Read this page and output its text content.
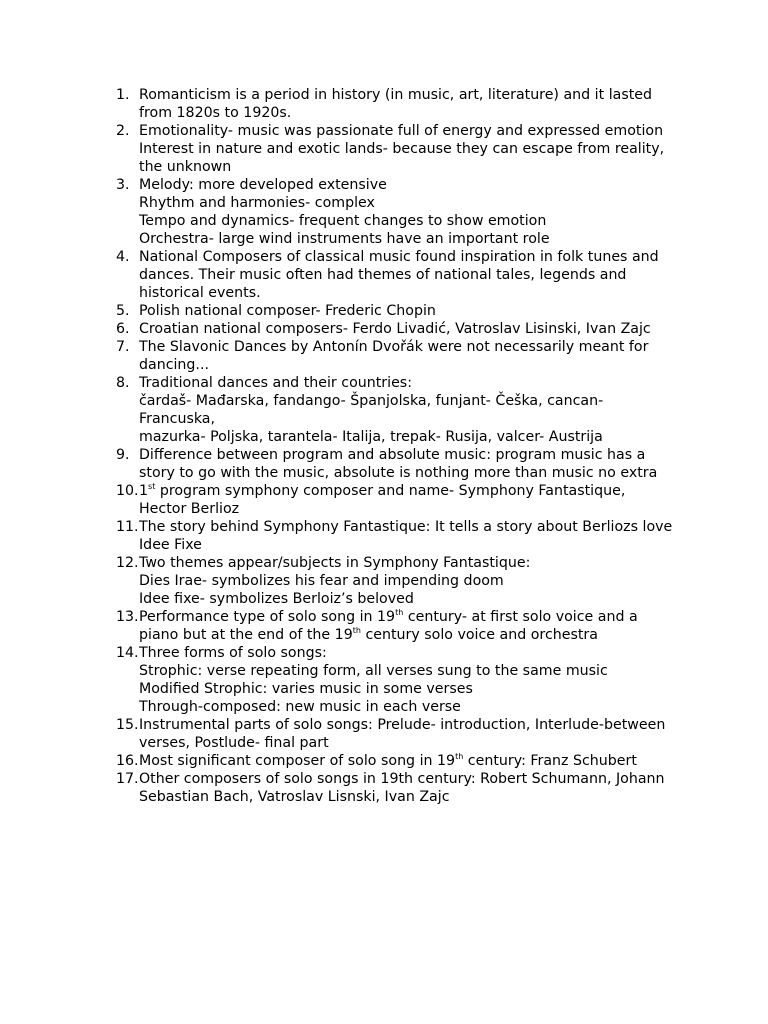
1. Romanticism is a period in history (in music, art, literature) and it lasted
from 1820s to 1920s.
2. Emotionality- music was passionate full of energy and expressed emotion
Interest in nature and exotic lands- because they can escape from reality,
the unknown
3. Melody: more developed extensive
Rhythm and harmonies- complex
Tempo and dynamics- frequent changes to show emotion
Orchestra- large wind instruments have an important role
4. National Composers of classical music found inspiration in folk tunes and
dances. Their music often had themes of national tales, legends and
historical events.
5. Polish national composer- Frederic Chopin
6. Croatian national composers- Ferdo Livadić, Vatroslav Lisinski, Ivan Zajc
7. The Slavonic Dances by Antonín Dvořák were not necessarily meant for
dancing...
8. Traditional dances and their countries:
čardaš- Mađarska, fandango- Španjolska, funjant- Češka, cancan-
Francuska,
mazurka- Poljska, tarantela- Italija, trepak- Rusija, valcer- Austrija
9. Difference between program and absolute music: program music has a
story to go with the music, absolute is nothing more than music no extra
10. 1st program symphony composer and name- Symphony Fantastique,
Hector Berlioz
11. The story behind Symphony Fantastique: It tells a story about Berliozs love
Idee Fixe
12. Two themes appear/subjects in Symphony Fantastique:
Dies Irae- symbolizes his fear and impending doom
Idee fixe- symbolizes Berloiz’s beloved
13. Performance type of solo song in 19th century- at first solo voice and a
piano but at the end of the 19th century solo voice and orchestra
14. Three forms of solo songs:
Strophic: verse repeating form, all verses sung to the same music
Modified Strophic: varies music in some verses
Through-composed: new music in each verse
15. Instrumental parts of solo songs: Prelude- introduction, Interlude-between
verses, Postlude- final part
16. Most significant composer of solo song in 19th century: Franz Schubert
17. Other composers of solo songs in 19th century: Robert Schumann, Johann
Sebastian Bach, Vatroslav Lisnski, Ivan Zajc
